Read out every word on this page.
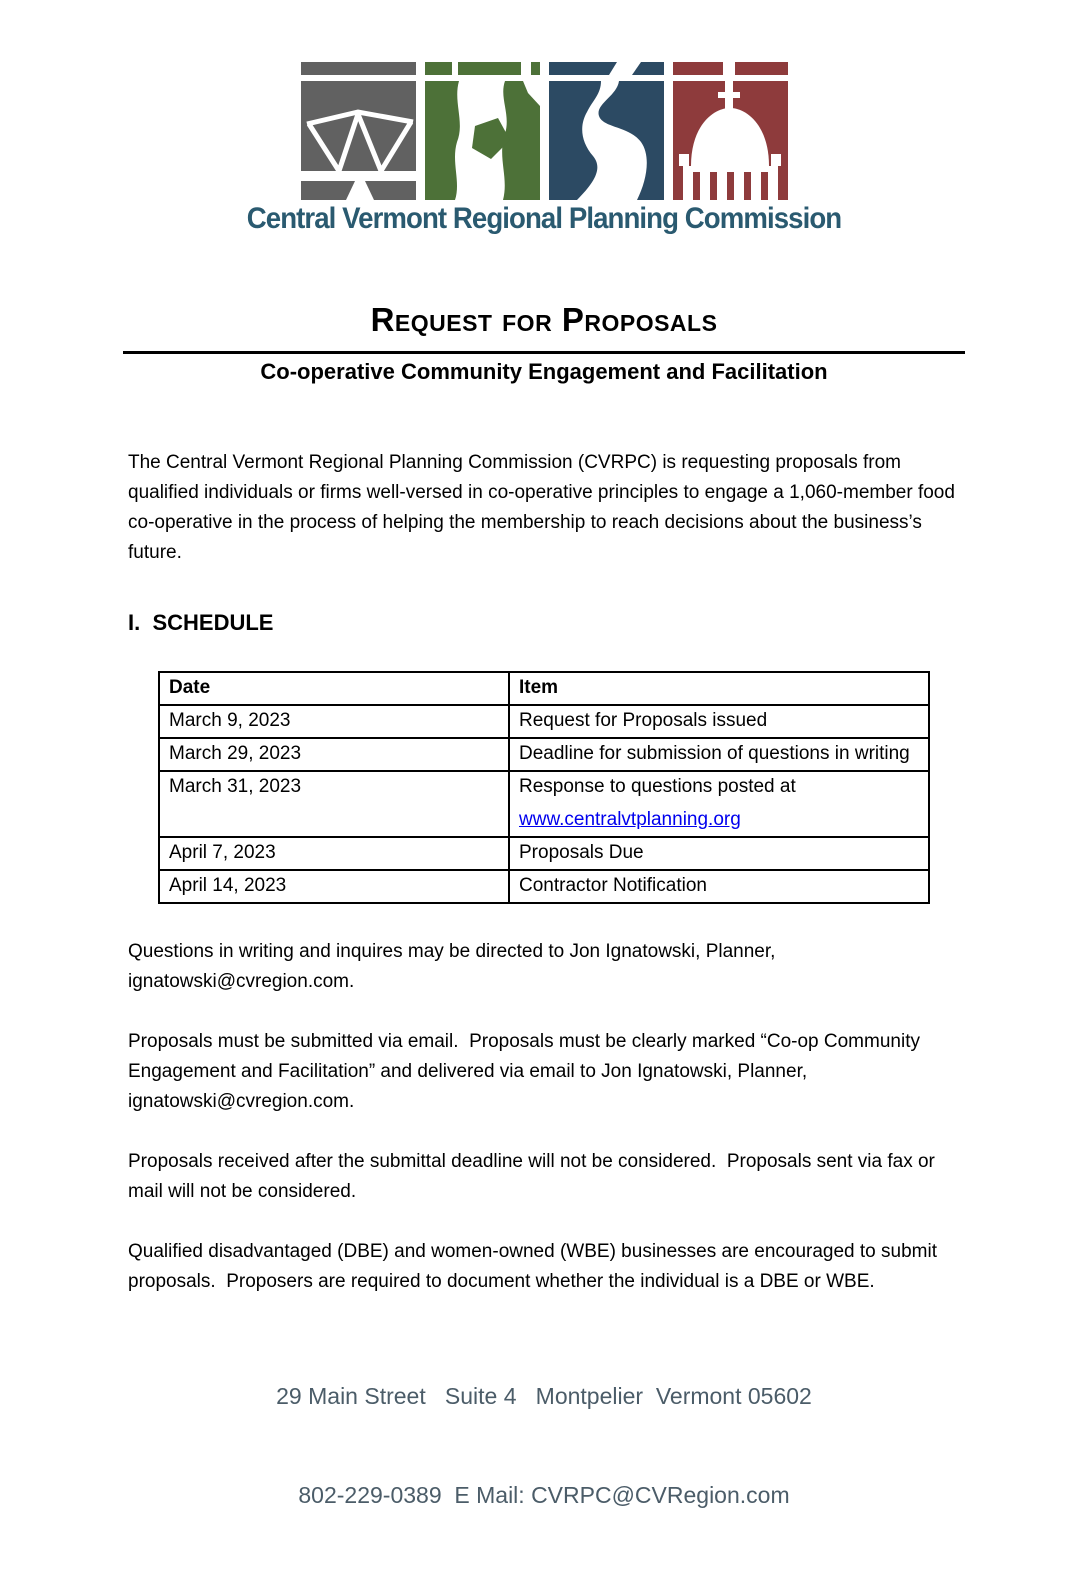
Central Vermont Regional Planning Commission
Request for Proposals
Co-operative Community Engagement and Facilitation

The Central Vermont Regional Planning Commission (CVRPC) is requesting proposals from qualified individuals or firms well-versed in co-operative principles to engage a 1,060-member food co-operative in the process of helping the membership to reach decisions about the business’s future.

I.  SCHEDULE
Date	Item
March 9, 2023	Request for Proposals issued
March 29, 2023	Deadline for submission of questions in writing
March 31, 2023	Response to questions posted at
www.centralvtplanning.org

April 7, 2023	Proposals Due
April 14, 2023	Contractor Notification

Questions in writing and inquires may be directed to Jon Ignatowski, Planner, ignatowski@cvregion.com.

Proposals must be submitted via email.  Proposals must be clearly marked “Co-op Community Engagement and Facilitation” and delivered via email to Jon Ignatowski, Planner, ignatowski@cvregion.com.

Proposals received after the submittal deadline will not be considered.  Proposals sent via fax or mail will not be considered.

Qualified disadvantaged (DBE) and women-owned (WBE) businesses are encouraged to submit proposals.  Proposers are required to document whether the individual is a DBE or WBE.

29 Main Street   Suite 4   Montpelier  Vermont 05602

802-229-0389  E Mail: CVRPC@CVRegion.com
